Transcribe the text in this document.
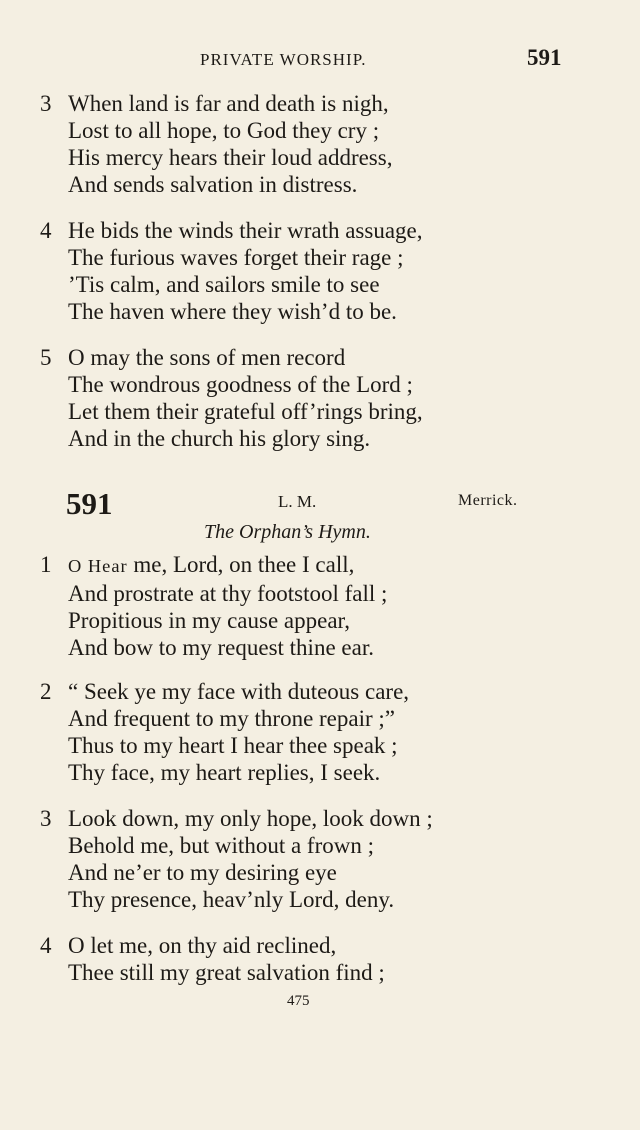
PRIVATE WORSHIP.	591
3 When land is far and death is nigh,
Lost to all hope, to God they cry ;
His mercy hears their loud address,
And sends salvation in distress.
4 He bids the winds their wrath assuage,
The furious waves forget their rage ;
’Tis calm, and sailors smile to see
The haven where they wish’d to be.
5 O may the sons of men record
The wondrous goodness of the Lord ;
Let them their grateful off’rings bring,
And in the church his glory sing.
591	L. M.	Merrick.
The Orphan’s Hymn.
1 O Hear me, Lord, on thee I call,
And prostrate at thy footstool fall ;
Propitious in my cause appear,
And bow to my request thine ear.
2 “ Seek ye my face with duteous care,
And frequent to my throne repair ;”
Thus to my heart I hear thee speak ;
Thy face, my heart replies, I seek.
3 Look down, my only hope, look down ;
Behold me, but without a frown ;
And ne’er to my desiring eye
Thy presence, heav’nly Lord, deny.
4 O let me, on thy aid reclined,
Thee still my great salvation find ;
475
